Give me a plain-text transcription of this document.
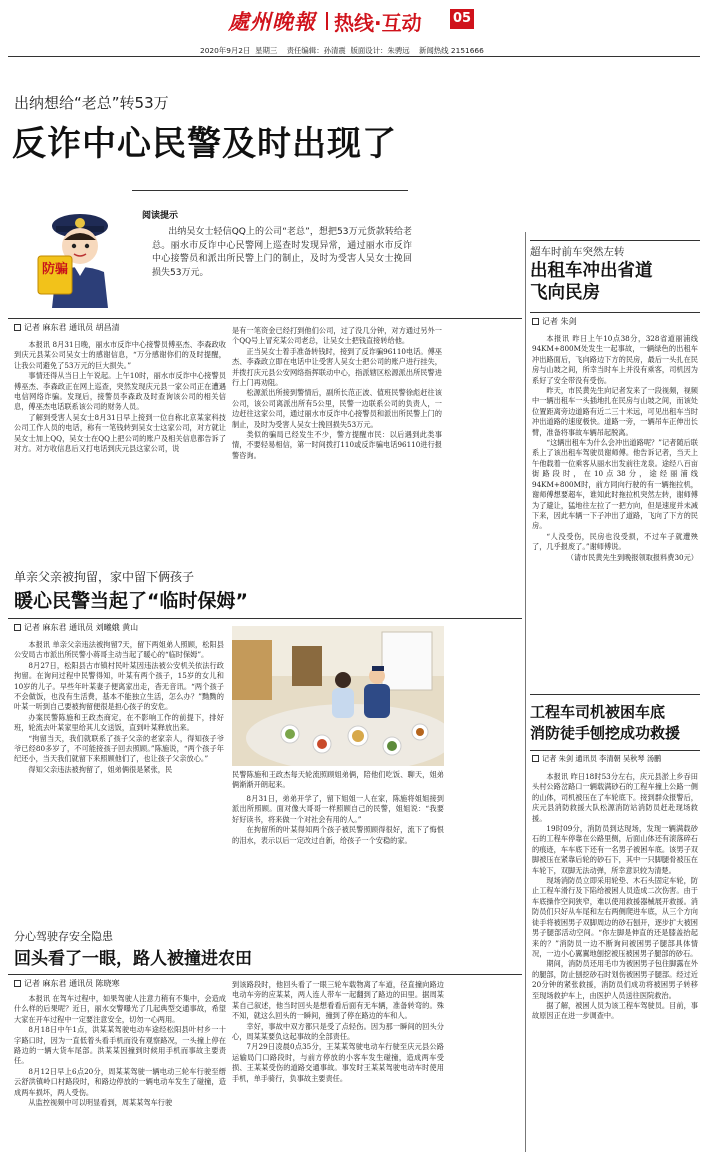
處州晚報 热线·互动 05
2020年9月2日  星期三    责任编辑：孙清震  版面设计：朱骋远    新闻热线 2151666
出纳想给“老总”转53万
反诈中心民警及时出现了
防骗
阅读提示
出纳吴女士轻信QQ上的公司“老总”，想把53万元货款转给老总。丽水市反诈中心民警网上巡查时发现异常，通过丽水市反诈中心接警员和派出所民警上门的制止，及时为受害人吴女士挽回损失53万元。
记者 麻东君 通讯员 胡昌清

本报讯 8月31日晚，丽水市反诈中心接警员傅巫杰、李森政收到庆元县某公司吴女士的感谢信息，“万分感谢你们的及时提醒，让我公司避免了53万元的巨大损失。”

事情还得从当日上午说起。上午10时，丽水市反诈中心接警员傅巫杰、李森政正在网上巡查，突然发现庆元县一家公司正在遭遇电信网络诈骗。发现后，接警员李森政及时查询该公司的相关信息，傅巫杰电话联系该公司的财务人员。

了解到受害人吴女士8月31日早上接到一位自称北京某家科技公司工作人员的电话，称有一笔钱转到吴女士这家公司，对方就让吴女士加上QQ，吴女士在QQ上把公司的账户及相关信息都告诉了对方。对方收信息后又打电话到庆元县这家公司，说

是有一笔资金已经打到他们公司，过了没几分钟，对方通过另外一个QQ号上冒充某公司老总，让吴女士把钱直接转给他。

正当吴女士着手准备转钱时，接到了反诈骗96110电话。傅巫杰、李森政立即在电话中让受害人吴女士把公司的账户进行挂失，并拨打庆元县公安网络指挥联动中心，指派辖区松源派出所民警进行上门再劝阻。

松源派出所接到警情后，副所长范正波、值班民警徐彪赶往该公司，该公司离派出所有5公里，民警一边联系公司的负责人，一边赶往这家公司，通过丽水市反诈中心接警员和派出所民警上门的制止，及时为受害人吴女士挽回损失53万元。

类似的骗局已经发生不少，警方提醒市民：以后遇到此类事情，不要轻易相信，第一时间拨打110或反诈骗电话96110进行报警咨询。

超车时前车突然左转
出租车冲出省道
飞向民房
记者 朱剑

本报讯 昨日上午10点38分，328省道丽浦线94KM+800M处发生一起事故，一辆绿色的出租车冲出路面后，飞向路边下方的民房，最后一头扎在民房与山坡之间，所幸当时车上并没有乘客，司机因为系好了安全带没有受伤。

昨天，市民黄先生向记者发来了一段视频，视频中一辆出租车一头插地扎在民房与山坡之间，而该处位置距离旁边道路有近二三十米远，可见出租车当时冲出道路的速度极快。道路一旁，一辆吊车正伸出长臂，准备将事故车辆吊起脱离。

“这辆出租车为什么会冲出道路呢？”记者随后联系上了该出租车驾驶员谢师傅。他告诉记者，当天上午他载着一位乘客从丽水出发前往龙泉。途经八百亩街路段时，在10点38分，途经丽浦线94KM+800M时，前方同向行驶的有一辆拖拉机，谢师傅想要超车，谁知此时拖拉机突然左转，谢师傅为了避让，猛地往左拉了一把方向，但是速度并未减下来，因此车辆一下子冲出了道路，飞向了下方的民房。

“人没受伤，民房也没受损，不过车子就遭殃了，几乎报废了。”谢师傅说。

（请市民黄先生到晚报领取报料费30元）

工程车司机被困车底
消防徒手刨挖成功救援
记者 朱剑 通讯员 李清朝 吴秋琴 汤鹏

本报讯 昨日18时53分左右，庆元县淤上乡吞田头村公路岔路口一辆载满砂石的工程车撞上公路一侧的山体，司机被压在了车轮底下。接到群众报警后，庆元县消防救援大队松源消防站消防员赶赴现场救援。

19时09分，消防员到达现场，发现一辆满载砂石的工程车停靠在公路里侧，后面山体还有滚落碎石的痕迹，车车底下还有一名男子被困车底。该男子双脚被压在紧靠后轮的砂石下，其中一只脚腿骨被压在车轮下，双脚无法动弹，所幸意识较为清楚。

现场消防员立即采用轮垫、木石头固定车轮，防止工程车滑行及下陷给被困人员造成二次伤害。由于车底操作空间狭窄，难以使用救援器械展开救援。消防员们只好从车尾和左右两侧爬进车底，从三个方向徒手将被困男子双脚周边的砂石刨开，逐步扩大被困男子腿部活动空间。“你左脚是伸直的还是膝盖抬起来的？”消防员一边不断询问被困男子腿部具体情况，一边小心翼翼地刨挖被压被困男子腿部的砂石。

期间，消防员还用毛巾为被困男子包住脚露在外的腿部，防止刨挖砂石时划伤被困男子腿部。经过近20分钟的紧张救援，消防员们成功将被困男子转移至现场救护车上，由医护人员送往医院救治。

据了解，被困人员为该工程车驾驶员。目前，事故原因正在进一步调查中。

单亲父亲被拘留，家中留下俩孩子
暖心民警当起了“临时保姆”
记者 麻东君 通讯员 刘曦娥 黄山

本报讯 单亲父亲违法被拘留7天，留下两姐弟人照顾，松阳县公安局古市派出所民警小蒋哥主动当起了暖心的“临时保姆”。

8月27日，松阳县古市镇村民叶某因违法被公安机关依法行政拘留。在询问过程中民警得知，叶某有两个孩子，15岁的女儿和10岁的儿子。早些年叶某妻子便离家出走，杳无音讯。“两个孩子不会做饭，也没有生活费，基本不能独立生活，怎么办？”黝黝的叶某一听到自己要被拘留便很是担心孩子的安危。

办案民警陈施和王政杰商定，在不影响工作的前提下，排好班，轮流去叶某家里给其儿女送饭，直到叶某释放出来。

“拘留当天，我们就联系了孩子父亲的老家亲人，得知孩子爷爷已经80多岁了，不可能接孩子回去照顾。”陈施说，“两个孩子年纪还小，当天我们就留下来照顾他们了，也让孩子父亲放心。”

得知父亲违法被拘留了，姐弟俩很是紧张，民

民警陈施和王政杰每天轮流照顾姐弟俩，陪他们吃饭、聊天，姐弟俩渐渐开朗起来。

8月31日，弟弟开学了，留下姐姐一人在家，陈施将姐姐接到派出所照顾。面对像大哥哥一样照顾自己的民警，姐姐说：“我要好好读书，将来做一个对社会有用的人。”

在拘留所的叶某得知两个孩子被民警照顾得很好，流下了悔恨的泪水，表示以后一定改过自新，给孩子一个安稳的家。

分心驾驶存安全隐患
回头看了一眼，路人被撞进农田
记者 麻东君 通讯员 陈晓寒

本报讯 在驾车过程中，如果驾驶人注意力稍有不集中，会造成什么样的后果呢？近日，丽水交警曝光了几起典型交通事故，希望大家在开车过程中一定要注意安全，切勿一心两用。

8月18日中午1点，洪某某驾驶电动车途经松阳县叶村乡一十字路口时，因为一直低着头看手机而没有观察路况，一头撞上停在路边的一辆大货车尾部。洪某某因撞到时候用手机而事故主要责任。

8月12日早上6点20分，周某某驾驶一辆电动三轮车行驶至缙云舒洪镇岭口村路段时，和路边停放的一辆电动车发生了碰撞，造成两车损坏，两人受伤。

从监控视频中可以明显看到，周某某驾车行驶

到该路段时，他回头看了一眼三轮车载物离了车道，径直撞向路边电动车旁的应某某，两人连人带车一起翻到了路边的田里。据周某某自己叙述，他当时回头是想看看后面有无车辆，准备转弯的。殊不知，就这么回头的一瞬间，撞到了停在路边的车和人。

幸好，事故中双方都只是受了点轻伤。因为那一瞬间的回头分心，周某某要负这起事故的全部责任。

7月29日凌晨0点35分，王某某驾驶电动车行驶至庆元县公路运输局门口路段时，与前方停放的小客车发生碰撞，造成两车受损、王某某受伤的道路交通事故。事发时王某某驾驶电动车时使用手机，单手骑行，负事故主要责任。
